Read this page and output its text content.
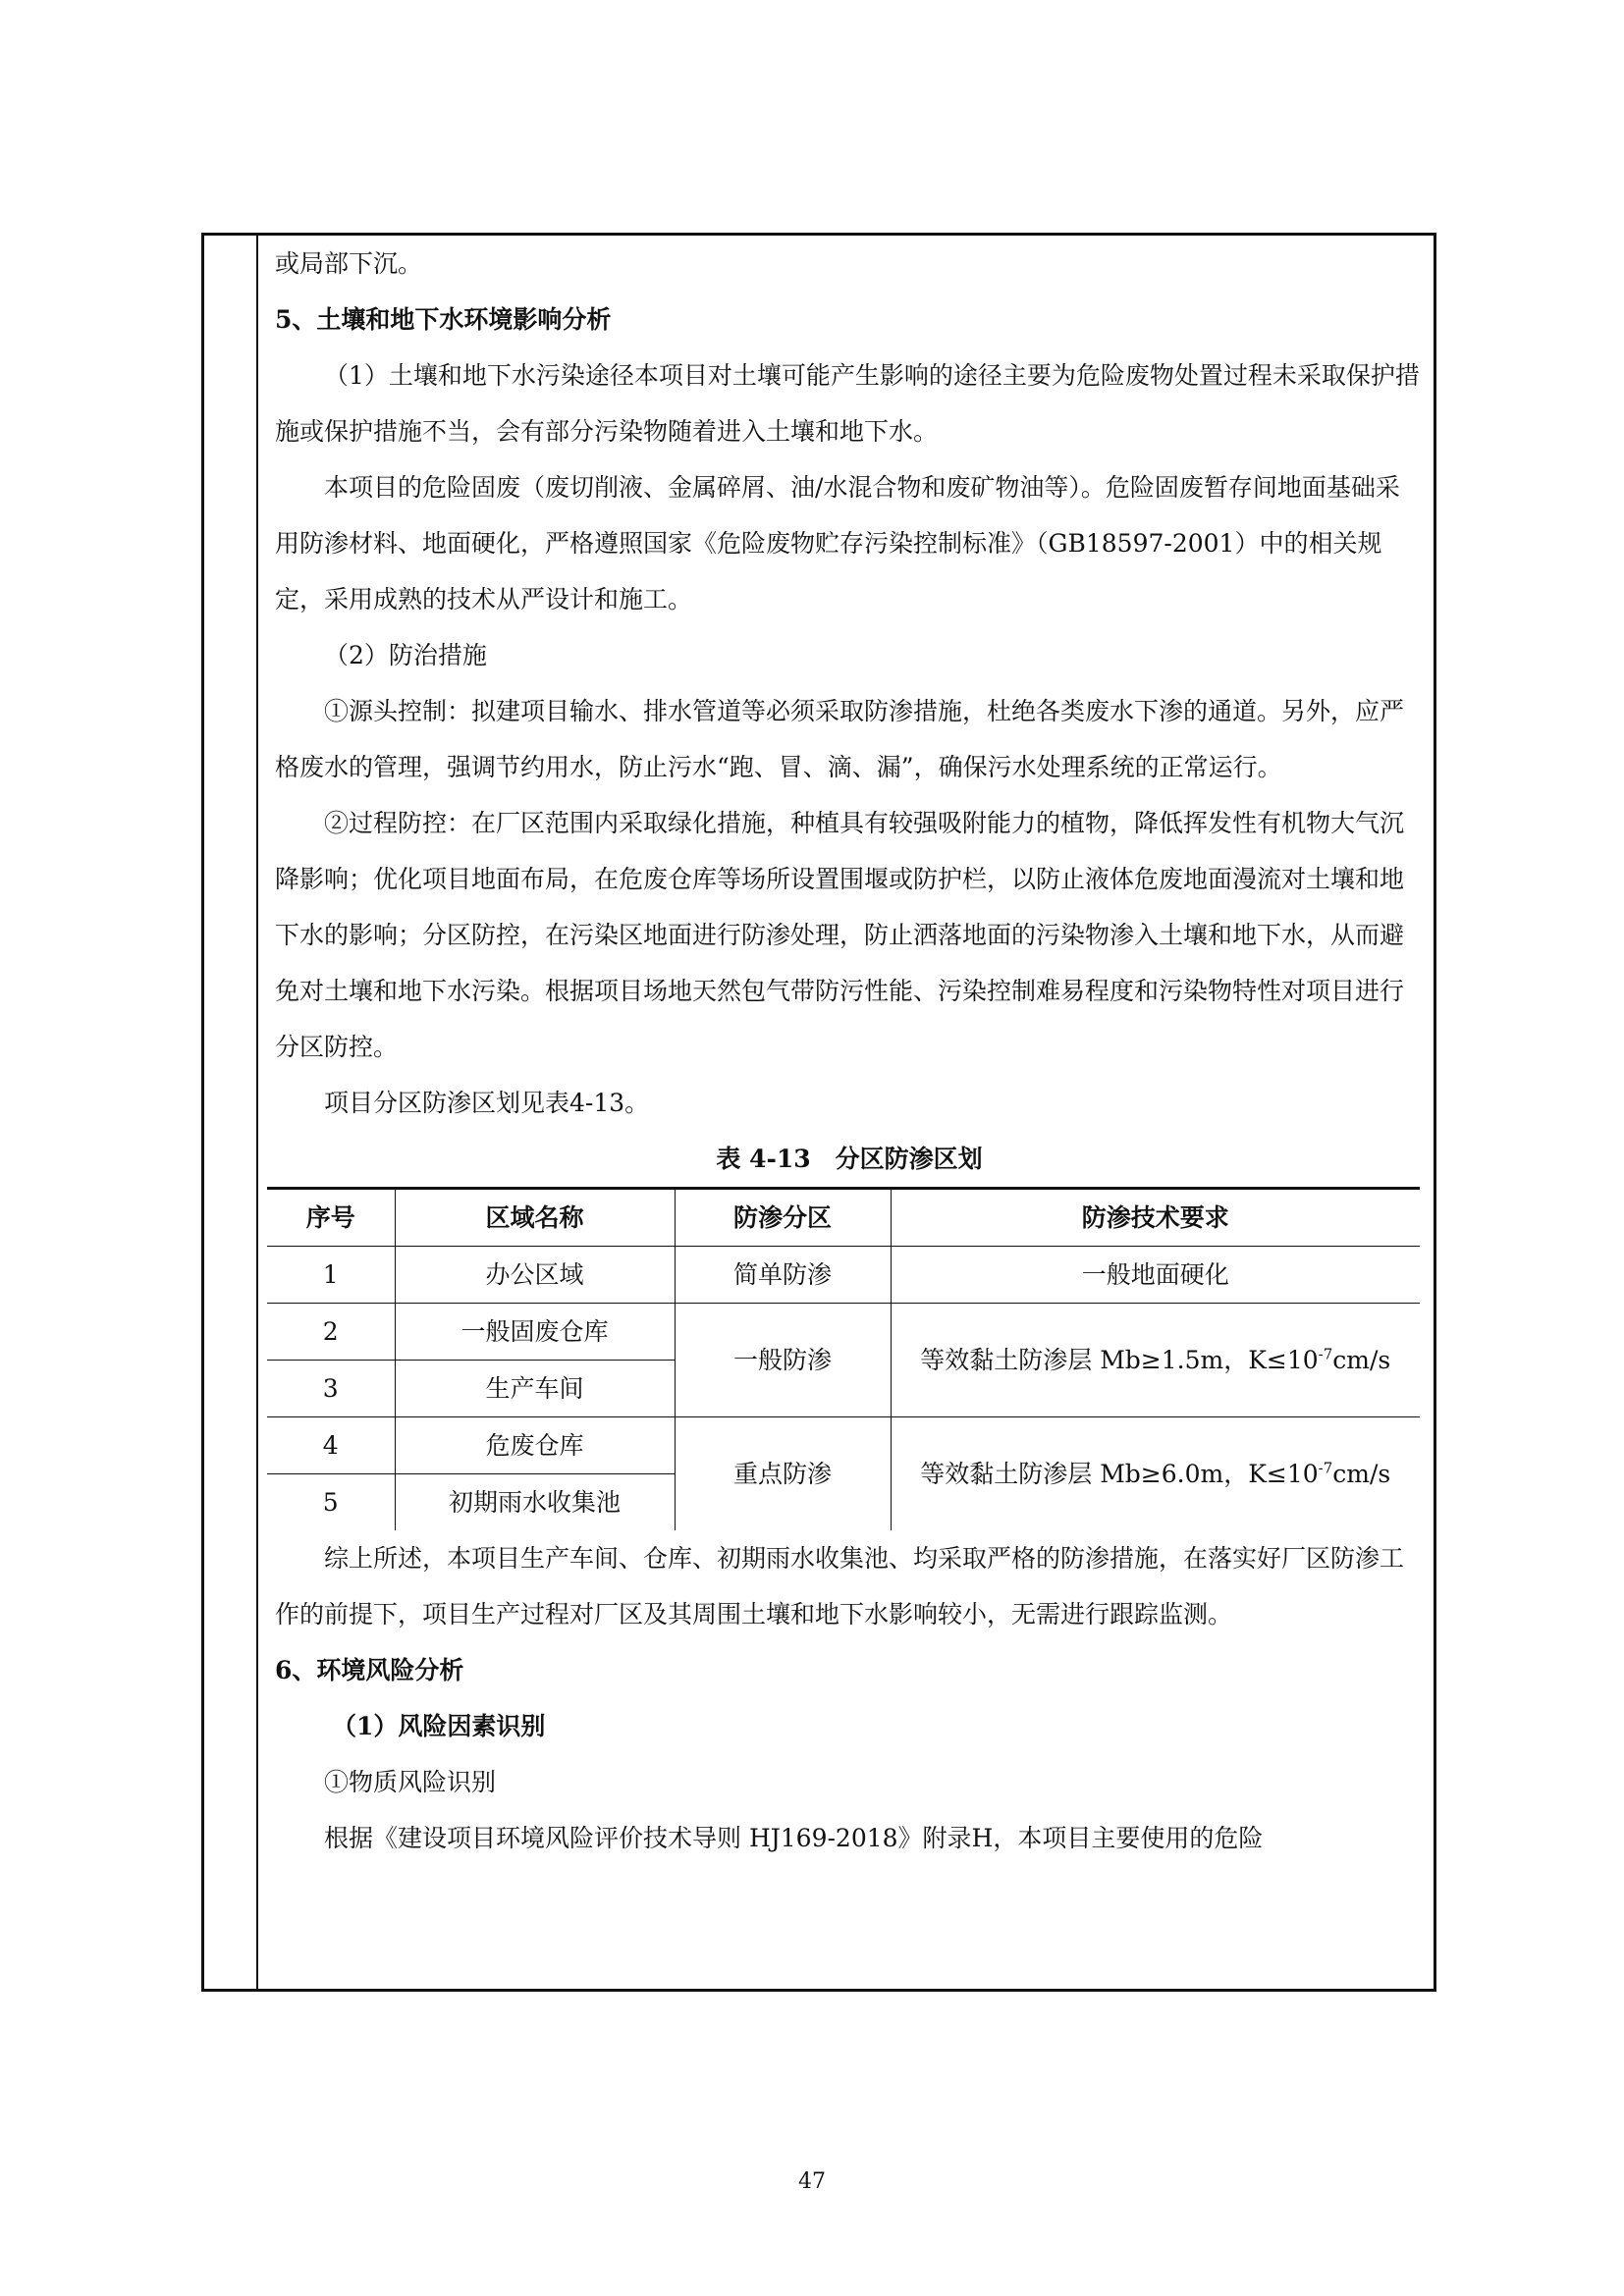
或局部下沉。

5、土壤和地下水环境影响分析

（1）土壤和地下水污染途径本项目对土壤可能产生影响的途径主要为危险废物处置过程未采取保护措施或保护措施不当，会有部分污染物随着进入土壤和地下水。

本项目的危险固废（废切削液、金属碎屑、油/水混合物和废矿物油等）。危险固废暂存间地面基础采用防渗材料、地面硬化，严格遵照国家《危险废物贮存污染控制标准》（GB18597-2001）中的相关规定，采用成熟的技术从严设计和施工。

（2）防治措施

①源头控制：拟建项目输水、排水管道等必须采取防渗措施，杜绝各类废水下渗的通道。另外，应严格废水的管理，强调节约用水，防止污水“跑、冒、滴、漏”，确保污水处理系统的正常运行。

②过程防控：在厂区范围内采取绿化措施，种植具有较强吸附能力的植物，降低挥发性有机物大气沉降影响；优化项目地面布局，在危废仓库等场所设置围堰或防护栏，以防止液体危废地面漫流对土壤和地下水的影响；分区防控，在污染区地面进行防渗处理，防止洒落地面的污染物渗入土壤和地下水，从而避免对土壤和地下水污染。根据项目场地天然包气带防污性能、污染控制难易程度和污染物特性对项目进行分区防控。

项目分区防渗区划见表4-13。

表 4-13　分区防渗区划

序号	区域名称	防渗分区	防渗技术要求
1	办公区域	简单防渗	一般地面硬化
2	一般固废仓库	一般防渗	等效黏土防渗层 Mb≥1.5m，$K\le 10^{-7}cm/s$
3	生产车间		
4	危废仓库	重点防渗	等效黏土防渗层 Mb≥6.0m，$K\le 10^{-7}cm/s$
5	初期雨水收集池		

综上所述，本项目生产车间、仓库、初期雨水收集池、均采取严格的防渗措施，在落实好厂区防渗工作的前提下，项目生产过程对厂区及其周围土壤和地下水影响较小，无需进行跟踪监测。

6、环境风险分析

（1）风险因素识别

①物质风险识别

根据《建设项目环境风险评价技术导则 HJ169-2018》附录H，本项目主要使用的危险

47
